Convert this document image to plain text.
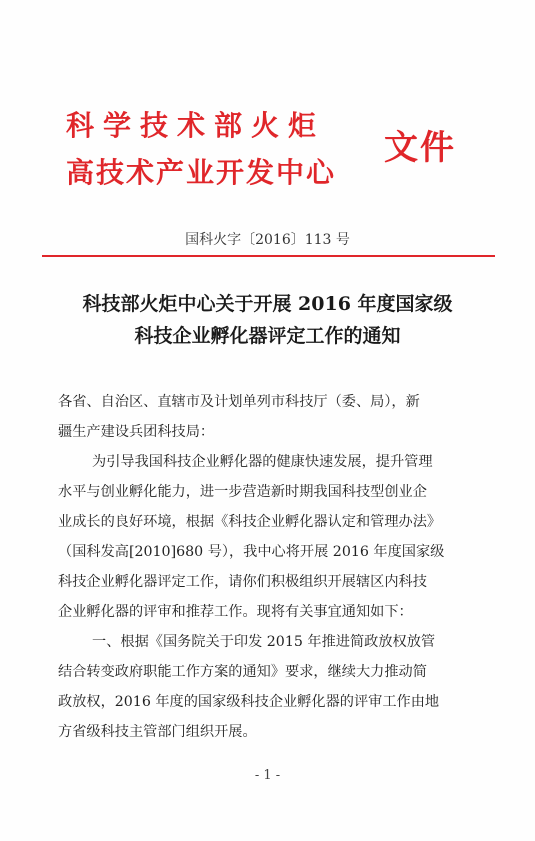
科学技术部火炬
高技术产业开发中心
文件
国科火字〔2016〕113 号
科技部火炬中心关于开展 2016 年度国家级
科技企业孵化器评定工作的通知
各省、自治区、直辖市及计划单列市科技厅（委、局），新
疆生产建设兵团科技局：
为引导我国科技企业孵化器的健康快速发展，提升管理
水平与创业孵化能力，进一步营造新时期我国科技型创业企
业成长的良好环境，根据《科技企业孵化器认定和管理办法》
（国科发高[2010]680 号），我中心将开展 2016 年度国家级
科技企业孵化器评定工作，请你们积极组织开展辖区内科技
企业孵化器的评审和推荐工作。现将有关事宜通知如下：
一、根据《国务院关于印发 2015 年推进简政放权放管
结合转变政府职能工作方案的通知》要求，继续大力推动简
政放权，2016 年度的国家级科技企业孵化器的评审工作由地
方省级科技主管部门组织开展。
- 1 -
